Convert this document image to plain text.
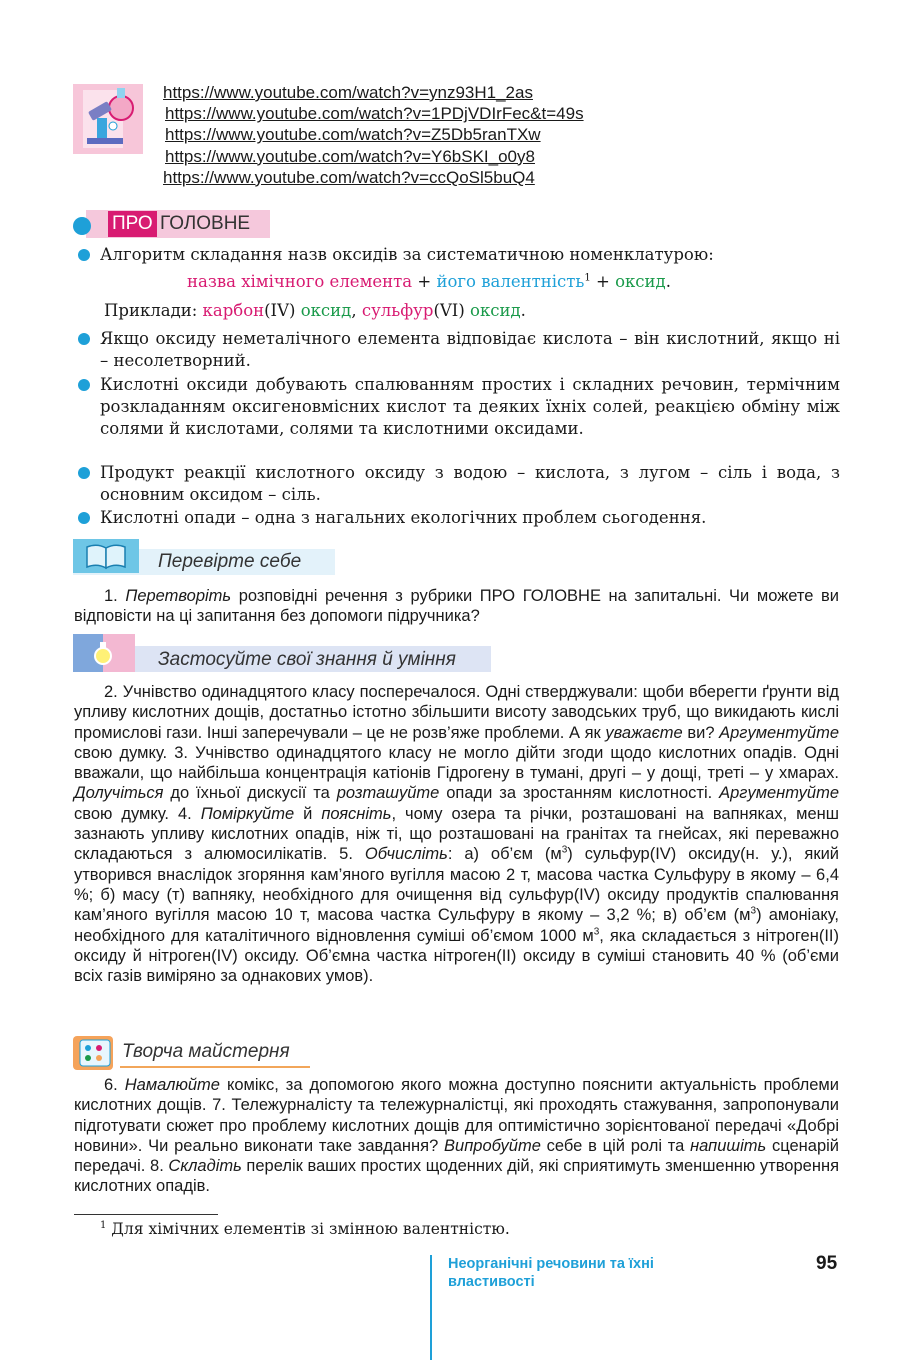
https://www.youtube.com/watch?v=ynz93H1_2as
https://www.youtube.com/watch?v=1PDjVDIrFec&t=49s
https://www.youtube.com/watch?v=Z5Db5ranTXw
https://www.youtube.com/watch?v=Y6bSKI_o0y8
https://www.youtube.com/watch?v=ccQoSl5buQ4
ПРО ГОЛОВНЕ
Алгоритм складання назв оксидів за систематичною номенклатурою:
назва хімічного елемента + його валентність$^1$ + оксид.
Приклади: карбон(IV) оксид, сульфур(VI) оксид.
Якщо оксиду неметалічного елемента відповідає кислота – він кислотний, якщо ні – несолетворний.
Кислотні оксиди добувають спалюванням простих і складних речовин, термічним розкладанням оксигеновмісних кислот та деяких їхніх солей, реакцією обміну між солями й кислотами, солями та кислотними оксидами.
Продукт реакції кислотного оксиду з водою – кислота, з лугом – сіль і вода, з основним оксидом – сіль.
Кислотні опади – одна з нагальних екологічних проблем сьогодення.
Перевірте себе
1. Перетворіть розповідні речення з рубрики ПРО ГОЛОВНЕ на запитальні. Чи можете ви відповісти на ці запитання без допомоги підручника?
Застосуйте свої знання й уміння
2. Учнівство одинадцятого класу посперечалося. Одні стверджували: щоби вберегти ґрунти від упливу кислотних дощів, достатньо істотно збільшити висоту заводських труб, що викидають кислі промислові гази. Інші заперечували – це не розв’яже проблеми. А як уважаєте ви? Аргументуйте свою думку. 3. Учнівство одинадцятого класу не могло дійти згоди щодо кислотних опадів. Одні вважали, що найбільша концентрація катіонів Гідрогену в тумані, другі – у дощі, треті – у хмарах. Долучіться до їхньої дискусії та розташуйте опади за зростанням кислотності. Аргументуйте свою думку. 4. Поміркуйте й поясніть, чому озера та річки, розташовані на вапняках, менш зазнають упливу кислотних опадів, ніж ті, що розташовані на гранітах та гнейсах, які переважно складаються з алюмосилікатів. 5. Обчисліть: а) об’єм $(м^3)$ сульфур(IV) оксиду(н. у.), який утворився внаслідок згоряння кам’яного вугілля масою 2 т, масова частка Сульфуру в якому – 6,4 %; б) масу (т) вапняку, необхідного для очищення від сульфур(IV) оксиду продуктів спалювання кам’яного вугілля масою 10 т, масова частка Сульфуру в якому – 3,2 %; в) об’єм $(м^3)$ амоніаку, необхідного для каталітичного відновлення суміші об’ємом 1000 $м^3$, яка складається з нітроген(II) оксиду й нітроген(IV) оксиду. Об’ємна частка нітроген(II) оксиду в суміші становить 40 % (об’єми всіх газів виміряно за однакових умов).
Творча майстерня
6. Намалюйте комікс, за допомогою якого можна доступно пояснити актуальність проблеми кислотних дощів. 7. Тележурналісту та тележурналістці, які проходять стажування, запропонували підготувати сюжет про проблему кислотних дощів для оптимістично зорієнтованої передачі «Добрі новини». Чи реально виконати таке завдання? Випробуйте себе в цій ролі та напишіть сценарій передачі. 8. Складіть перелік ваших простих щоденних дій, які сприятимуть зменшенню утворення кислотних опадів.
$^1$ Для хімічних елементів зі змінною валентністю.
Неорганічні речовини та їхні властивості
95
